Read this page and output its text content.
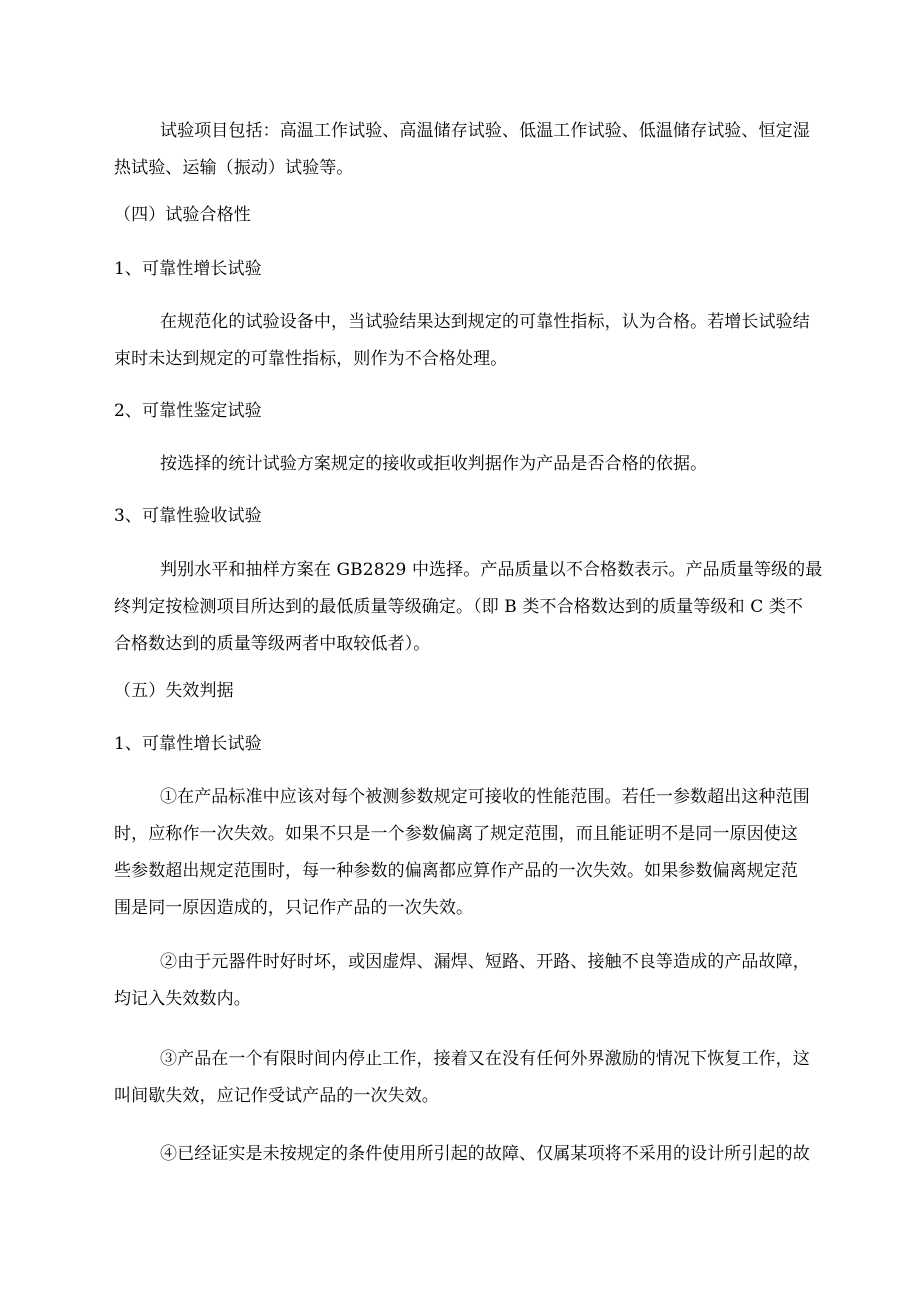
试验项目包括：高温工作试验、高温储存试验、低温工作试验、低温储存试验、恒定湿
热试验、运输（振动）试验等。
（四）试验合格性
1、可靠性增长试验
在规范化的试验设备中，当试验结果达到规定的可靠性指标，认为合格。若增长试验结
束时未达到规定的可靠性指标，则作为不合格处理。
2、可靠性鉴定试验
按选择的统计试验方案规定的接收或拒收判据作为产品是否合格的依据。
3、可靠性验收试验
判别水平和抽样方案在 GB2829 中选择。产品质量以不合格数表示。产品质量等级的最
终判定按检测项目所达到的最低质量等级确定。（即 B 类不合格数达到的质量等级和 C 类不
合格数达到的质量等级两者中取较低者）。
（五）失效判据
1、可靠性增长试验
①在产品标准中应该对每个被测参数规定可接收的性能范围。若任一参数超出这种范围
时，应称作一次失效。如果不只是一个参数偏离了规定范围，而且能证明不是同一原因使这
些参数超出规定范围时，每一种参数的偏离都应算作产品的一次失效。如果参数偏离规定范
围是同一原因造成的，只记作产品的一次失效。
②由于元器件时好时坏，或因虚焊、漏焊、短路、开路、接触不良等造成的产品故障，
均记入失效数内。
③产品在一个有限时间内停止工作，接着又在没有任何外界激励的情况下恢复工作，这
叫间歇失效，应记作受试产品的一次失效。
④已经证实是未按规定的条件使用所引起的故障、仅属某项将不采用的设计所引起的故
